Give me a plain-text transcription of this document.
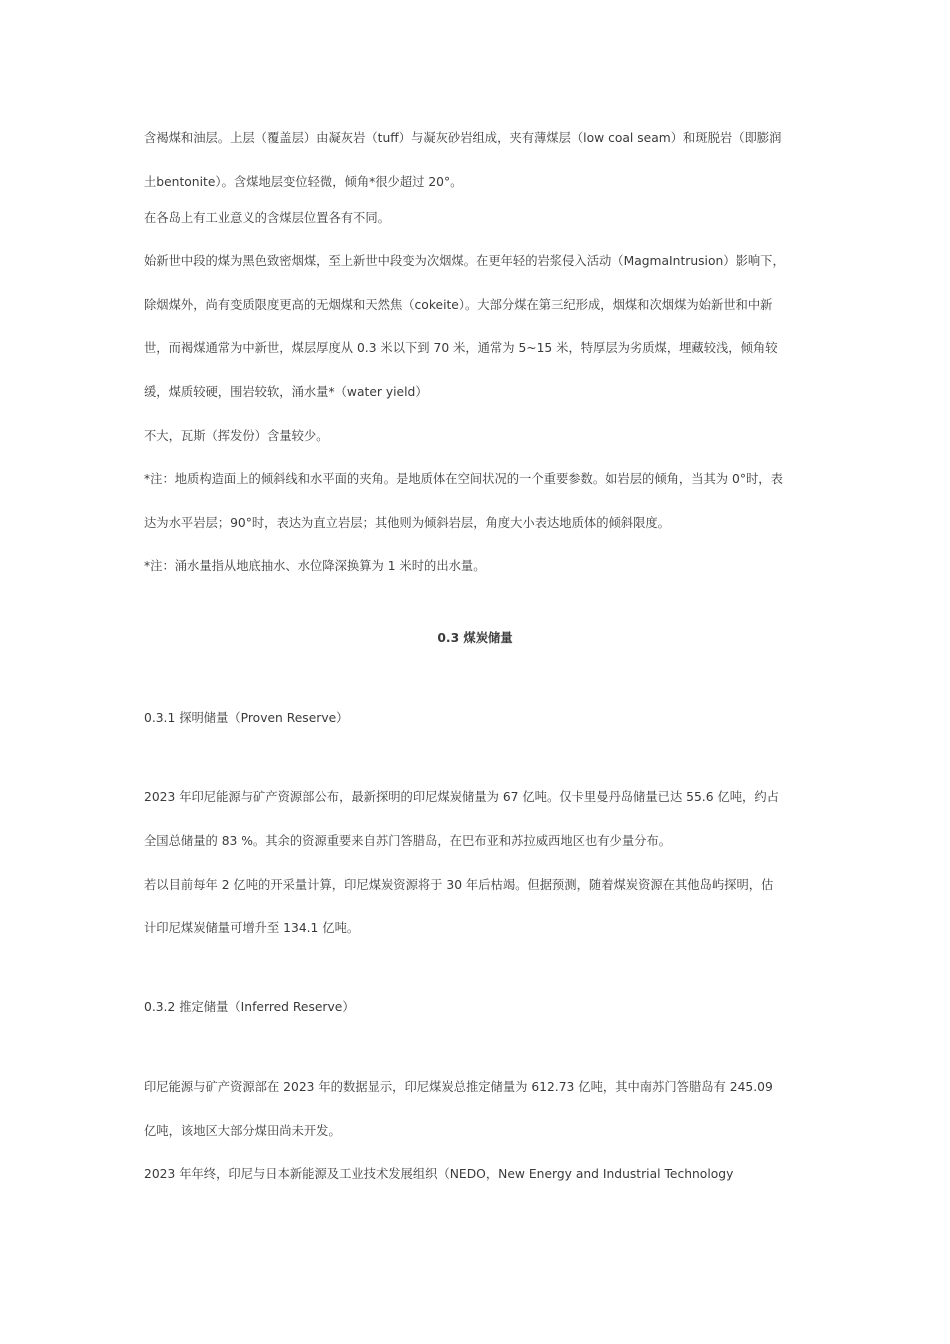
含褐煤和油层。上层（覆盖层）由凝灰岩（tuff）与凝灰砂岩组成，夹有薄煤层（low coal seam）和斑脱岩（即膨润
土bentonite）。含煤地层变位轻微，倾角*很少超过 20°。
在各岛上有工业意义的含煤层位置各有不同。
始新世中段的煤为黑色致密烟煤，至上新世中段变为次烟煤。在更年轻的岩浆侵入活动（MagmaIntrusion）影响下，
除烟煤外，尚有变质限度更高的无烟煤和天然焦（cokeite）。大部分煤在第三纪形成，烟煤和次烟煤为始新世和中新
世，而褐煤通常为中新世，煤层厚度从 0.3 米以下到 70 米，通常为 5~15 米，特厚层为劣质煤，埋藏较浅，倾角较
缓，煤质较硬，围岩较软，涌水量*（water yield）
不大，瓦斯（挥发份）含量较少。
*注：地质构造面上的倾斜线和水平面的夹角。是地质体在空间状况的一个重要参数。如岩层的倾角，当其为 0°时，表
达为水平岩层；90°时，表达为直立岩层；其他则为倾斜岩层，角度大小表达地质体的倾斜限度。
*注：涌水量指从地底抽水、水位降深换算为 1 米时的出水量。
0.3 煤炭储量
0.3.1 探明储量（Proven Reserve）
2023 年印尼能源与矿产资源部公布，最新探明的印尼煤炭储量为 67 亿吨。仅卡里曼丹岛储量已达 55.6 亿吨，约占
全国总储量的 83 %。其余的资源重要来自苏门答腊岛，在巴布亚和苏拉威西地区也有少量分布。
若以目前每年 2 亿吨的开采量计算，印尼煤炭资源将于 30 年后枯竭。但据预测，随着煤炭资源在其他岛屿探明，估
计印尼煤炭储量可增升至 134.1 亿吨。
0.3.2 推定储量（Inferred Reserve）
印尼能源与矿产资源部在 2023 年的数据显示，印尼煤炭总推定储量为 612.73 亿吨，其中南苏门答腊岛有 245.09
亿吨，该地区大部分煤田尚未开发。
2023 年年终，印尼与日本新能源及工业技术发展组织（NEDO，New Energy and Industrial Technology
